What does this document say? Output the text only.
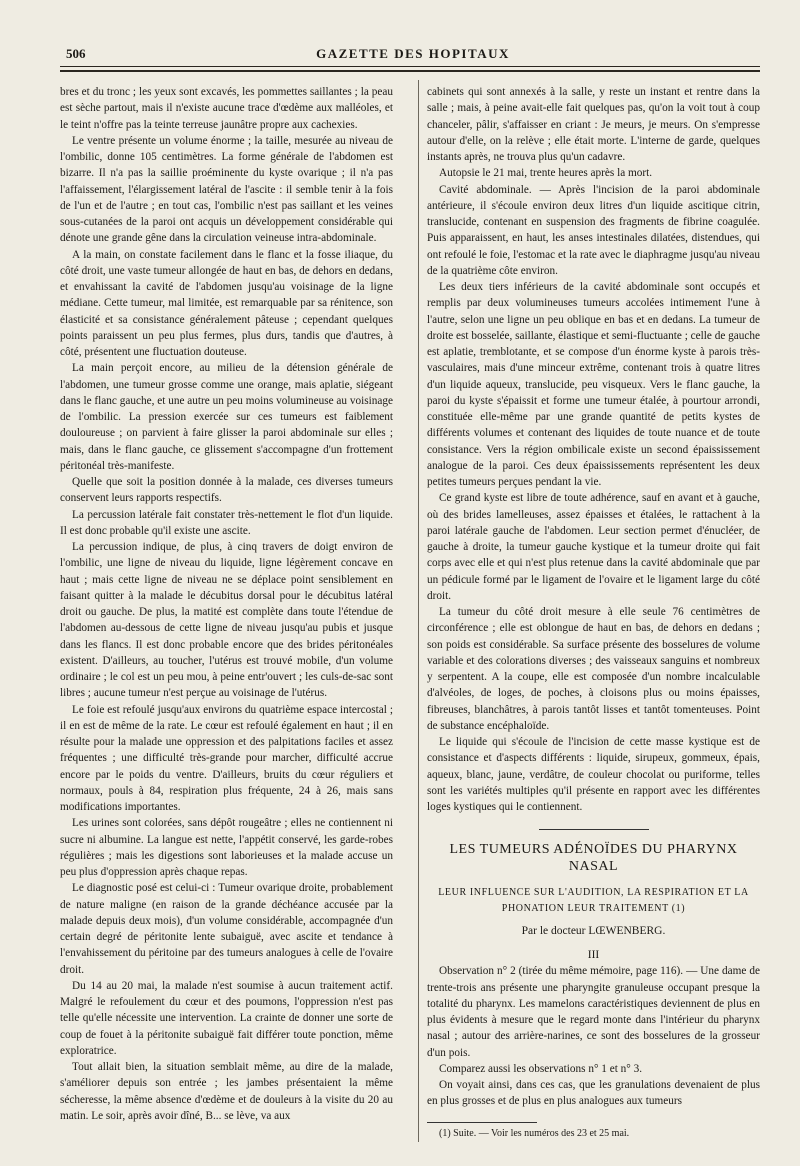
506	GAZETTE DES HOPITAUX

bres et du tronc ; les yeux sont excavés, les pommettes saillantes ; la peau est sèche partout, mais il n'existe aucune trace d'œdème aux malléoles, et le teint n'offre pas la teinte terreuse jaunâtre propre aux cachexies.

Le ventre présente un volume énorme ; la taille, mesurée au niveau de l'ombilic, donne 105 centimètres. La forme générale de l'abdomen est bizarre. Il n'a pas la saillie proéminente du kyste ovarique ; il n'a pas l'affaissement, l'élargissement latéral de l'ascite : il semble tenir à la fois de l'un et de l'autre ; en tout cas, l'ombilic n'est pas saillant et les veines sous-cutanées de la paroi ont acquis un développement considérable qui dénote une grande gêne dans la circulation veineuse intra-abdominale.

A la main, on constate facilement dans le flanc et la fosse iliaque, du côté droit, une vaste tumeur allongée de haut en bas, de dehors en dedans, et envahissant la cavité de l'abdomen jusqu'au voisinage de la ligne médiane. Cette tumeur, mal limitée, est remarquable par sa rénitence, son élasticité et sa consistance généralement pâteuse ; cependant quelques points paraissent un peu plus fermes, plus durs, tandis que d'autres, à côté, présentent une fluctuation douteuse.

La main perçoit encore, au milieu de la détension générale de l'abdomen, une tumeur grosse comme une orange, mais aplatie, siégeant dans le flanc gauche, et une autre un peu moins volumineuse au voisinage de l'ombilic. La pression exercée sur ces tumeurs est faiblement douloureuse ; on parvient à faire glisser la paroi abdominale sur elles ; mais, dans le flanc gauche, ce glissement s'accompagne d'un frottement péritonéal très-manifeste.

Quelle que soit la position donnée à la malade, ces diverses tumeurs conservent leurs rapports respectifs.

La percussion latérale fait constater très-nettement le flot d'un liquide. Il est donc probable qu'il existe une ascite.

La percussion indique, de plus, à cinq travers de doigt environ de l'ombilic, une ligne de niveau du liquide, ligne légèrement concave en haut ; mais cette ligne de niveau ne se déplace point sensiblement en faisant quitter à la malade le décubitus dorsal pour le décubitus latéral droit ou gauche. De plus, la matité est complète dans toute l'étendue de l'abdomen au-dessous de cette ligne de niveau jusqu'au pubis et jusque dans les flancs. Il est donc probable encore que des brides péritonéales existent. D'ailleurs, au toucher, l'utérus est trouvé mobile, d'un volume ordinaire ; le col est un peu mou, à peine entr'ouvert ; les culs-de-sac sont libres ; aucune tumeur n'est perçue au voisinage de l'utérus.

Le foie est refoulé jusqu'aux environs du quatrième espace intercostal ; il en est de même de la rate. Le cœur est refoulé également en haut ; il en résulte pour la malade une oppression et des palpitations faciles et assez fréquentes ; une difficulté très-grande pour marcher, difficulté accrue encore par le poids du ventre. D'ailleurs, bruits du cœur réguliers et normaux, pouls à 84, respiration plus fréquente, 24 à 26, mais sans modifications importantes.

Les urines sont colorées, sans dépôt rougeâtre ; elles ne contiennent ni sucre ni albumine. La langue est nette, l'appétit conservé, les garde-robes régulières ; mais les digestions sont laborieuses et la malade accuse un peu plus d'oppression après chaque repas.

Le diagnostic posé est celui-ci : Tumeur ovarique droite, probablement de nature maligne (en raison de la grande déchéance accusée par la malade depuis deux mois), d'un volume considérable, accompagnée d'un certain degré de péritonite lente subaiguë, avec ascite et tendance à l'envahissement du péritoine par des tumeurs analogues à celle de l'ovaire droit.

Du 14 au 20 mai, la malade n'est soumise à aucun traitement actif. Malgré le refoulement du cœur et des poumons, l'oppression n'est pas telle qu'elle nécessite une intervention. La crainte de donner une sorte de coup de fouet à la péritonite subaiguë fait différer toute ponction, même exploratrice.

Tout allait bien, la situation semblait même, au dire de la malade, s'améliorer depuis son entrée ; les jambes présentaient la même sécheresse, la même absence d'œdème et de douleurs à la visite du 20 au matin. Le soir, après avoir dîné, B... se lève, va aux

cabinets qui sont annexés à la salle, y reste un instant et rentre dans la salle ; mais, à peine avait-elle fait quelques pas, qu'on la voit tout à coup chanceler, pâlir, s'affaisser en criant : Je meurs, je meurs. On s'empresse autour d'elle, on la relève ; elle était morte. L'interne de garde, quelques instants après, ne trouva plus qu'un cadavre.

Autopsie le 21 mai, trente heures après la mort.

Cavité abdominale. — Après l'incision de la paroi abdominale antérieure, il s'écoule environ deux litres d'un liquide ascitique citrin, translucide, contenant en suspension des fragments de fibrine coagulée. Puis apparaissent, en haut, les anses intestinales dilatées, distendues, qui ont refoulé le foie, l'estomac et la rate avec le diaphragme jusqu'au niveau de la quatrième côte environ.

Les deux tiers inférieurs de la cavité abdominale sont occupés et remplis par deux volumineuses tumeurs accolées intimement l'une à l'autre, selon une ligne un peu oblique en bas et en dedans. La tumeur de droite est bosselée, saillante, élastique et semi-fluctuante ; celle de gauche est aplatie, tremblotante, et se compose d'un énorme kyste à parois très-vasculaires, mais d'une minceur extrême, contenant trois à quatre litres d'un liquide aqueux, translucide, peu visqueux. Vers le flanc gauche, la paroi du kyste s'épaissit et forme une tumeur étalée, à pourtour arrondi, constituée elle-même par une grande quantité de petits kystes de différents volumes et contenant des liquides de toute nuance et de toute consistance. Vers la région ombilicale existe un second épaississement analogue de la paroi. Ces deux épaississements représentent les deux petites tumeurs perçues pendant la vie.

Ce grand kyste est libre de toute adhérence, sauf en avant et à gauche, où des brides lamelleuses, assez épaisses et étalées, le rattachent à la paroi latérale gauche de l'abdomen. Leur section permet d'énucléer, de gauche à droite, la tumeur gauche kystique et la tumeur droite qui fait corps avec elle et qui n'est plus retenue dans la cavité abdominale que par un pédicule formé par le ligament de l'ovaire et le ligament large du côté droit.

La tumeur du côté droit mesure à elle seule 76 centimètres de circonférence ; elle est oblongue de haut en bas, de dehors en dedans ; son poids est considérable. Sa surface présente des bosselures de volume variable et des colorations diverses ; des vaisseaux sanguins et nombreux y serpentent. A la coupe, elle est composée d'un nombre incalculable d'alvéoles, de loges, de poches, à cloisons plus ou moins épaisses, fibreuses, blanchâtres, à parois tantôt lisses et tantôt tomenteuses. Point de substance encéphaloïde.

Le liquide qui s'écoule de l'incision de cette masse kystique est de consistance et d'aspects différents : liquide, sirupeux, gommeux, épais, aqueux, blanc, jaune, verdâtre, de couleur chocolat ou puriforme, telles sont les variétés multiples qu'il présente en rapport avec les différentes loges kystiques qui le contiennent.

LES TUMEURS ADÉNOÏDES DU PHARYNX NASAL
LEUR INFLUENCE SUR L'AUDITION, LA RESPIRATION ET LA PHONATION LEUR TRAITEMENT (1)
Par le docteur LŒWENBERG.
III

Observation n° 2 (tirée du même mémoire, page 116). — Une dame de trente-trois ans présente une pharyngite granuleuse occupant presque la totalité du pharynx. Les mamelons caractéristiques deviennent de plus en plus évidents à mesure que le regard monte dans l'intérieur du pharynx nasal ; autour des arrière-narines, ce sont des bosselures de la grosseur d'un pois.

Comparez aussi les observations n° 1 et n° 3.

On voyait ainsi, dans ces cas, que les granulations devenaient de plus en plus grosses et de plus en plus analogues aux tumeurs

(1) Suite. — Voir les numéros des 23 et 25 mai.
